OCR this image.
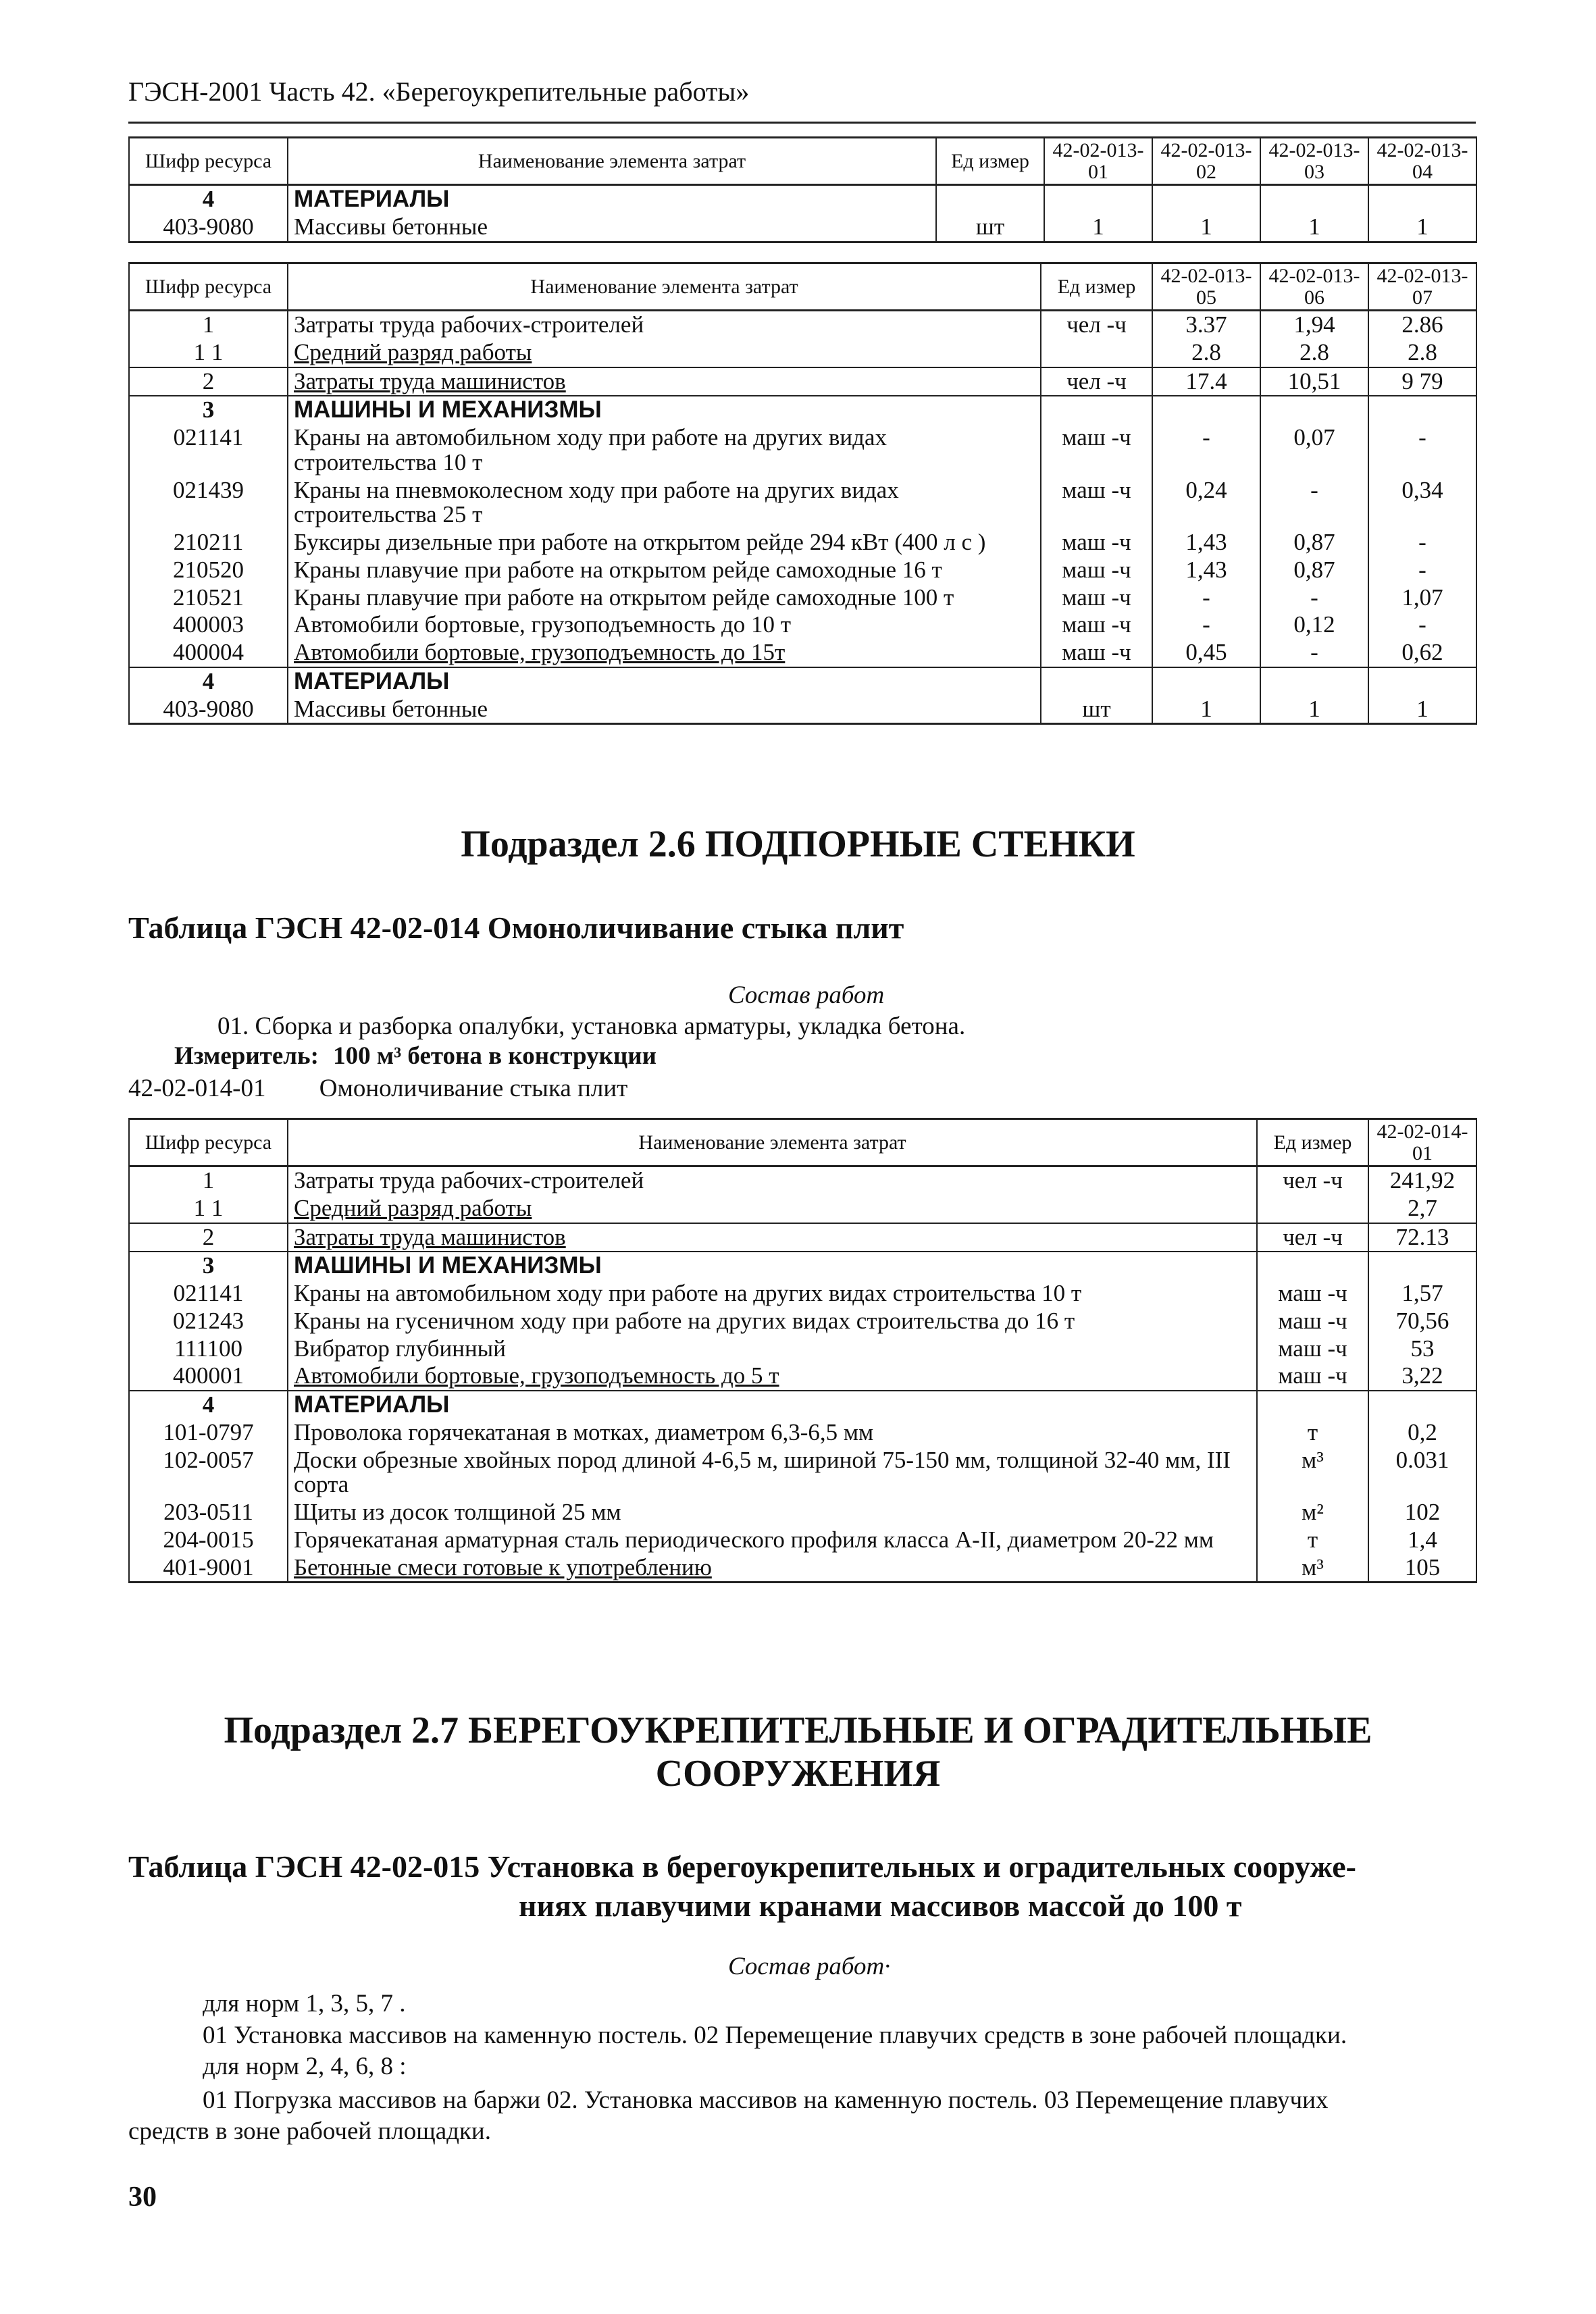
ГЭСН-2001 Часть 42. «Берегоукрепительные работы»
Шифр ресурса	Наименование элемента затрат	Ед измер	42-02-013-01	42-02-013-02	42-02-013-03	42-02-013-04
4	МАТЕРИАЛЫ					
403-9080	Массивы бетонные	шт	1	1	1	1
Шифр ресурса	Наименование элемента затрат	Ед измер	42-02-013-05	42-02-013-06	42-02-013-07
1	Затраты труда рабочих-строителей	чел -ч	3.37	1,94	2.86
1 1	Средний разряд работы		2.8	2.8	2.8
2	Затраты труда машинистов	чел -ч	17.4	10,51	9 79
3	МАШИНЫ И МЕХАНИЗМЫ				
021141	Краны на автомобильном ходу при работе на других видах строительства 10 т	маш -ч	-	0,07	-
021439	Краны на пневмоколесном ходу при работе на других видах строительства 25 т	маш -ч	0,24	-	0,34
210211	Буксиры дизельные при работе на открытом рейде 294 кВт (400 л с )	маш -ч	1,43	0,87	-
210520	Краны плавучие при работе на открытом рейде самоходные 16 т	маш -ч	1,43	0,87	-
210521	Краны плавучие при работе на открытом рейде самоходные 100 т	маш -ч	-	-	1,07
400003	Автомобили бортовые, грузоподъемность до 10 т	маш -ч	-	0,12	-
400004	Автомобили бортовые, грузоподъемность до 15т	маш -ч	0,45	-	0,62
4	МАТЕРИАЛЫ				
403-9080	Массивы бетонные	шт	1	1	1
Подраздел 2.6 ПОДПОРНЫЕ СТЕНКИ
Таблица ГЭСН 42-02-014 Омоноличивание стыка плит
Состав работ
01. Сборка и разборка опалубки, установка арматуры, укладка бетона.
Измеритель: 100 м³ бетона в конструкции
42-02-014-01 Омоноличивание стыка плит
Шифр ресурса	Наименование элемента затрат	Ед измер	42-02-014-01
1	Затраты труда рабочих-строителей	чел -ч	241,92
1 1	Средний разряд работы		2,7
2	Затраты труда машинистов	чел -ч	72.13
3	МАШИНЫ И МЕХАНИЗМЫ		
021141	Краны на автомобильном ходу при работе на других видах строительства 10 т	маш -ч	1,57
021243	Краны на гусеничном ходу при работе на других видах строительства до 16 т	маш -ч	70,56
111100	Вибратор глубинный	маш -ч	53
400001	Автомобили бортовые, грузоподъемность до 5 т	маш -ч	3,22
4	МАТЕРИАЛЫ		
101-0797	Проволока горячекатаная в мотках, диаметром 6,3-6,5 мм	т	0,2
102-0057	Доски обрезные хвойных пород длиной 4-6,5 м, шириной 75-150 мм, толщиной 32-40 мм, III сорта	м³	0.031
203-0511	Щиты из досок толщиной 25 мм	м²	102
204-0015	Горячекатаная арматурная сталь периодического профиля класса А-II, диаметром 20-22 мм	т	1,4
401-9001	Бетонные смеси готовые к употреблению	м³	105
Подраздел 2.7 БЕРЕГОУКРЕПИТЕЛЬНЫЕ И ОГРАДИТЕЛЬНЫЕ
СООРУЖЕНИЯ
Таблица ГЭСН 42-02-015 Установка в берегоукрепительных и оградительных сооруже-
ниях плавучими кранами массивов массой до 100 т
Состав работ·
для норм 1, 3, 5, 7 .
01 Установка массивов на каменную постель. 02 Перемещение плавучих средств в зоне рабочей площадки.
для норм 2, 4, 6, 8 :
01 Погрузка массивов на баржи 02. Установка массивов на каменную постель. 03 Перемещение плавучих
средств в зоне рабочей площадки.
30
